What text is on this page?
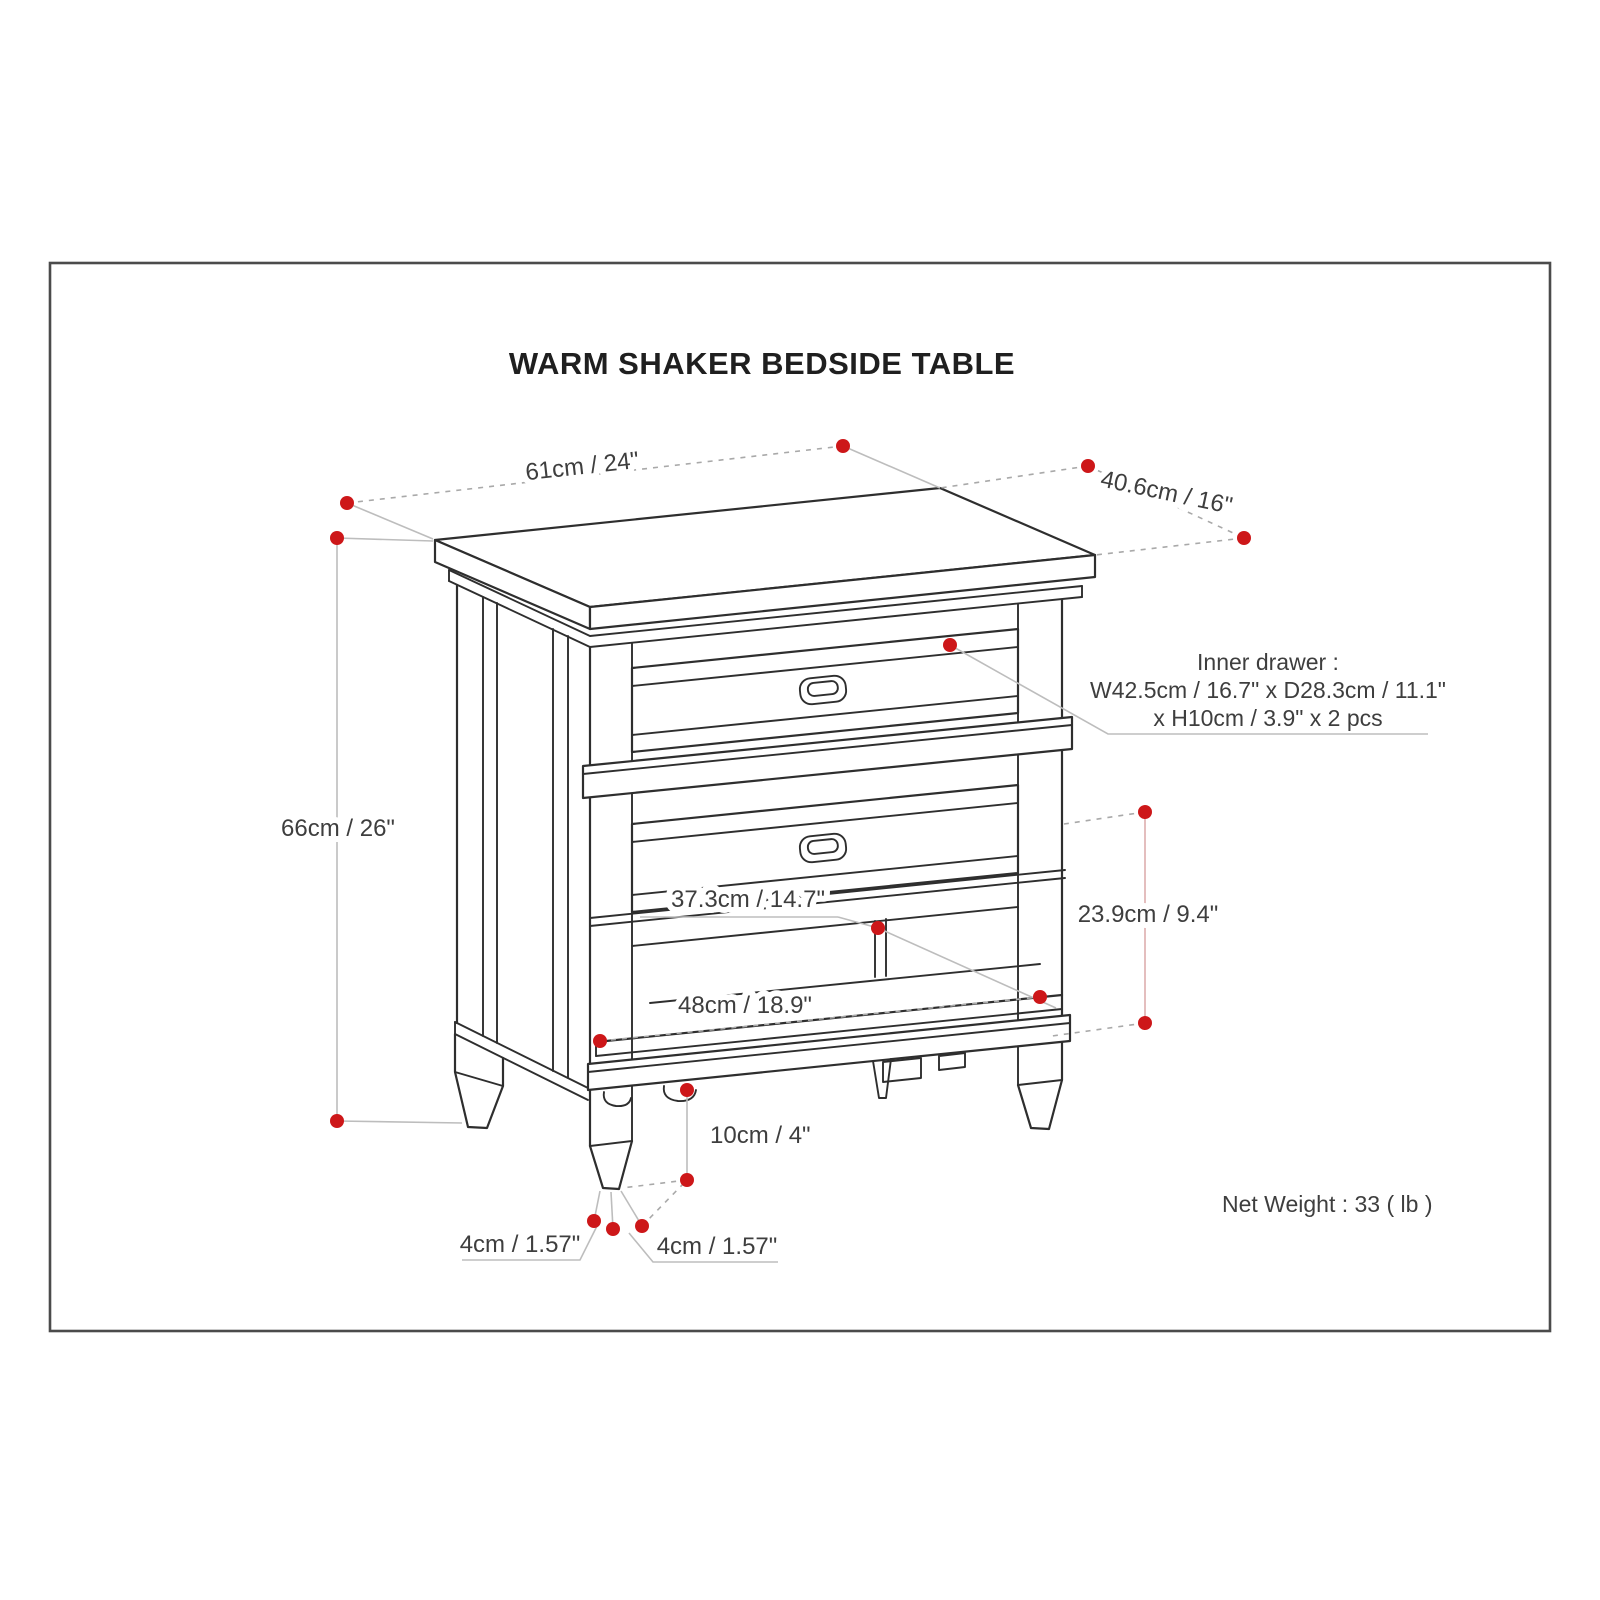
WARM SHAKER BEDSIDE TABLE
61cm / 24"	40.6cm / 16"
66cm / 26"
Inner drawer :
W42.5cm / 16.7" x D28.3cm / 11.1"
x H10cm / 3.9" x 2 pcs
37.3cm / 14.7"
23.9cm / 9.4"
48cm / 18.9"
10cm / 4"
4cm / 1.57"	4cm / 1.57"
Net Weight : 33 ( lb )
